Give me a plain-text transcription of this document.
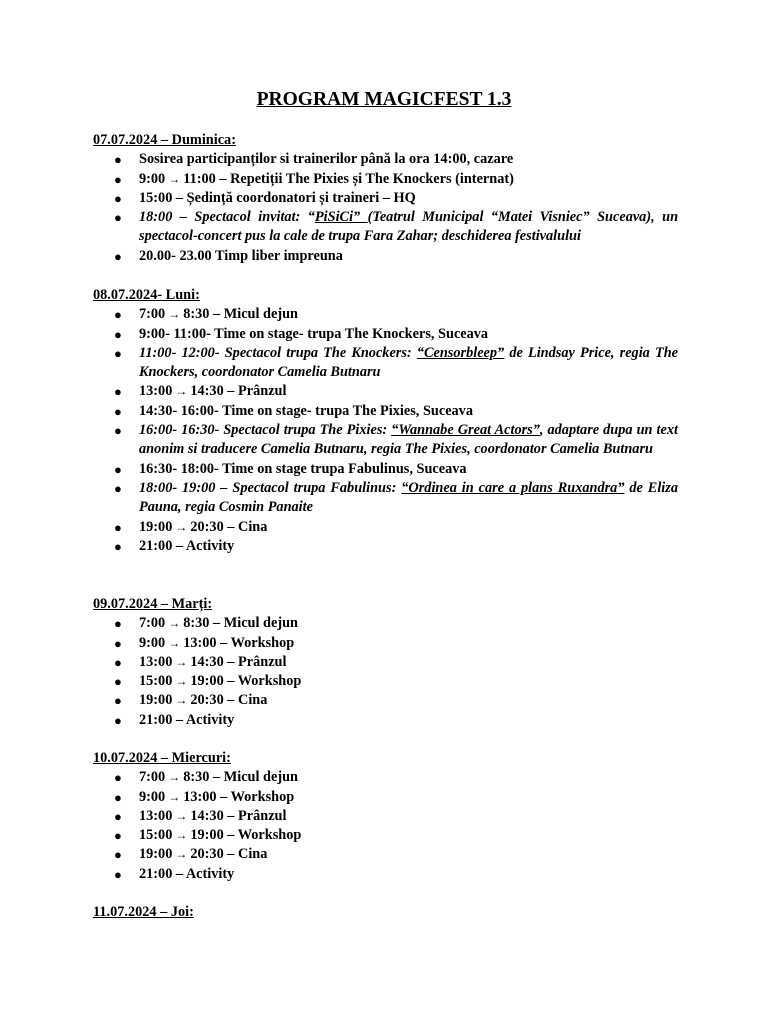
PROGRAM MAGICFEST 1.3
07.07.2024 – Duminica:
● Sosirea participanților si trainerilor până la ora 14:00, cazare
● 9:00 → 11:00 – Repetiții The Pixies și The Knockers (internat)
● 15:00 – Ședință coordonatori și traineri – HQ
● 18:00 – Spectacol invitat: “PiSiCi” (Teatrul Municipal “Matei Visniec” Suceava), un spectacol-concert pus la cale de trupa Fara Zahar; deschiderea festivalului
● 20.00- 23.00 Timp liber impreuna
08.07.2024- Luni:
● 7:00 → 8:30 – Micul dejun
● 9:00- 11:00- Time on stage- trupa The Knockers, Suceava
● 11:00- 12:00- Spectacol trupa The Knockers: “Censorbleep” de Lindsay Price, regia The Knockers, coordonator Camelia Butnaru
● 13:00 → 14:30 – Prânzul
● 14:30- 16:00- Time on stage- trupa The Pixies, Suceava
● 16:00- 16:30- Spectacol trupa The Pixies: “Wannabe Great Actors”, adaptare dupa un text anonim si traducere Camelia Butnaru, regia The Pixies, coordonator Camelia Butnaru
● 16:30- 18:00- Time on stage trupa Fabulinus, Suceava
● 18:00- 19:00 – Spectacol trupa Fabulinus: “Ordinea in care a plans Ruxandra” de Eliza Pauna, regia Cosmin Panaite
● 19:00 → 20:30 – Cina
● 21:00 – Activity
09.07.2024 – Marți:
● 7:00 → 8:30 – Micul dejun
● 9:00 → 13:00 – Workshop
● 13:00 → 14:30 – Prânzul
● 15:00 → 19:00 – Workshop
● 19:00 → 20:30 – Cina
● 21:00 – Activity
10.07.2024 – Miercuri:
● 7:00 → 8:30 – Micul dejun
● 9:00 → 13:00 – Workshop
● 13:00 → 14:30 – Prânzul
● 15:00 → 19:00 – Workshop
● 19:00 → 20:30 – Cina
● 21:00 – Activity
11.07.2024 – Joi:
